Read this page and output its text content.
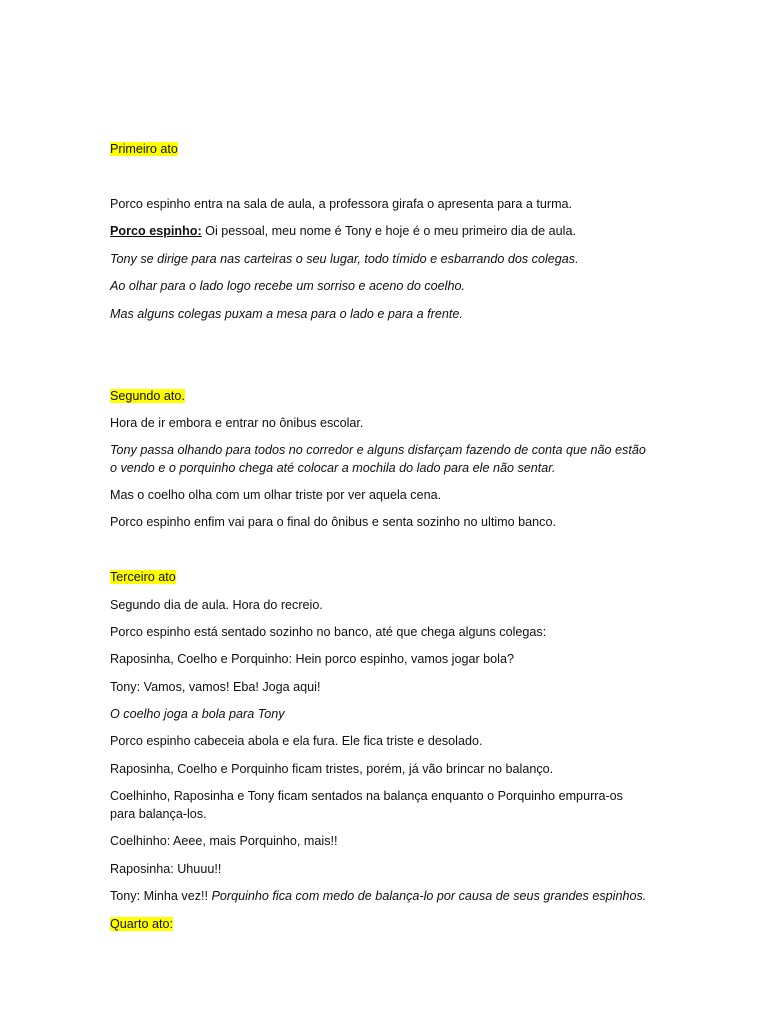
Primeiro ato
Porco espinho entra na sala de aula, a professora girafa o apresenta para a turma.
Porco espinho: Oi pessoal, meu nome é Tony e hoje é o meu primeiro dia de aula.
Tony se dirige para nas carteiras o seu lugar, todo tímido e esbarrando dos colegas.
Ao olhar para o lado logo recebe um sorriso e aceno do coelho.
Mas alguns colegas puxam a mesa para o lado e para a frente.
Segundo ato.
Hora de ir embora e entrar no ônibus escolar.
Tony passa olhando para todos no corredor e alguns disfarçam fazendo de conta que não estão
o vendo e o porquinho chega até colocar a mochila do lado para ele não sentar.
Mas o coelho olha com um olhar triste por ver aquela cena.
Porco espinho enfim vai para o final do ônibus e senta sozinho no ultimo banco.
Terceiro ato
Segundo dia de aula. Hora do recreio.
Porco espinho está sentado sozinho no banco, até que chega alguns colegas:
Raposinha, Coelho e Porquinho: Hein porco espinho, vamos jogar bola?
Tony: Vamos, vamos! Eba! Joga aqui!
O coelho joga a bola para Tony
Porco espinho cabeceia abola e ela fura. Ele fica triste e desolado.
Raposinha, Coelho e Porquinho ficam tristes, porém, já vão brincar no balanço.
Coelhinho, Raposinha e Tony ficam sentados na balança enquanto o Porquinho empurra-os
para balança-los.
Coelhinho: Aeee, mais Porquinho, mais!!
Raposinha: Uhuuu!!
Tony: Minha vez!! Porquinho fica com medo de balança-lo por causa de seus grandes espinhos.
Quarto ato:
